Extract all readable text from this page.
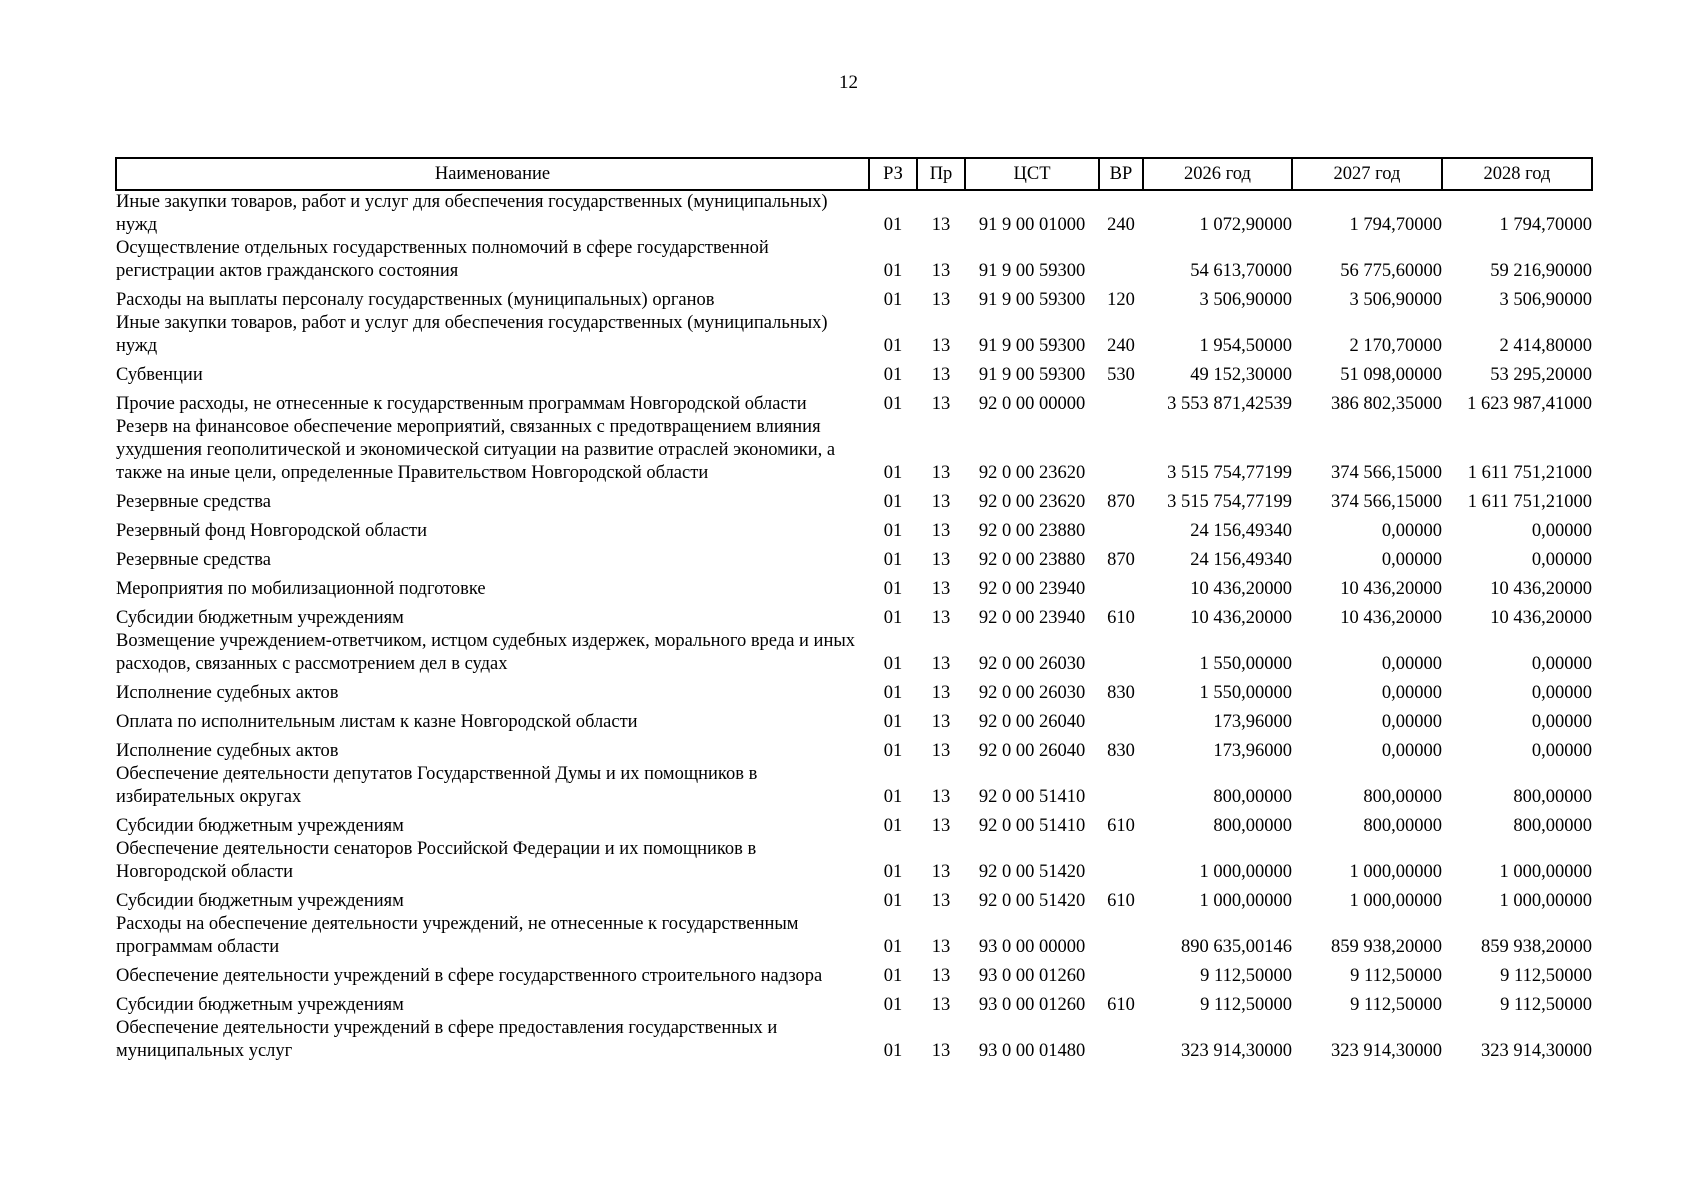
12
Наименование	РЗ	Пр	ЦСТ	ВР	2026 год	2027 год	2028 год
Иные закупки товаров, работ и услуг для обеспечения государственных (муниципальных) нужд	01	13	91 9 00 01000	240	1 072,90000	1 794,70000	1 794,70000
Осуществление отдельных государственных полномочий в сфере государственной регистрации актов гражданского состояния	01	13	91 9 00 59300		54 613,70000	56 775,60000	59 216,90000
Расходы на выплаты персоналу государственных (муниципальных) органов	01	13	91 9 00 59300	120	3 506,90000	3 506,90000	3 506,90000
Иные закупки товаров, работ и услуг для обеспечения государственных (муниципальных) нужд	01	13	91 9 00 59300	240	1 954,50000	2 170,70000	2 414,80000
Субвенции	01	13	91 9 00 59300	530	49 152,30000	51 098,00000	53 295,20000
Прочие расходы, не отнесенные к государственным программам Новгородской области	01	13	92 0 00 00000		3 553 871,42539	386 802,35000	1 623 987,41000
Резерв на финансовое обеспечение мероприятий, связанных с предотвращением влияния ухудшения геополитической и экономической ситуации на развитие отраслей экономики, а также на иные цели, определенные Правительством Новгородской области	01	13	92 0 00 23620		3 515 754,77199	374 566,15000	1 611 751,21000
Резервные средства	01	13	92 0 00 23620	870	3 515 754,77199	374 566,15000	1 611 751,21000
Резервный фонд Новгородской области	01	13	92 0 00 23880		24 156,49340	0,00000	0,00000
Резервные средства	01	13	92 0 00 23880	870	24 156,49340	0,00000	0,00000
Мероприятия по мобилизационной подготовке	01	13	92 0 00 23940		10 436,20000	10 436,20000	10 436,20000
Субсидии бюджетным учреждениям	01	13	92 0 00 23940	610	10 436,20000	10 436,20000	10 436,20000
Возмещение учреждением-ответчиком, истцом судебных издержек, морального вреда и иных расходов, связанных с рассмотрением дел в судах	01	13	92 0 00 26030		1 550,00000	0,00000	0,00000
Исполнение судебных актов	01	13	92 0 00 26030	830	1 550,00000	0,00000	0,00000
Оплата по исполнительным листам к казне Новгородской области	01	13	92 0 00 26040		173,96000	0,00000	0,00000
Исполнение судебных актов	01	13	92 0 00 26040	830	173,96000	0,00000	0,00000
Обеспечение деятельности депутатов Государственной Думы и их помощников в избирательных округах	01	13	92 0 00 51410		800,00000	800,00000	800,00000
Субсидии бюджетным учреждениям	01	13	92 0 00 51410	610	800,00000	800,00000	800,00000
Обеспечение деятельности сенаторов Российской Федерации и их помощников в Новгородской области	01	13	92 0 00 51420		1 000,00000	1 000,00000	1 000,00000
Субсидии бюджетным учреждениям	01	13	92 0 00 51420	610	1 000,00000	1 000,00000	1 000,00000
Расходы на обеспечение деятельности учреждений, не отнесенные к государственным программам области	01	13	93 0 00 00000		890 635,00146	859 938,20000	859 938,20000
Обеспечение деятельности учреждений в сфере государственного строительного надзора	01	13	93 0 00 01260		9 112,50000	9 112,50000	9 112,50000
Субсидии бюджетным учреждениям	01	13	93 0 00 01260	610	9 112,50000	9 112,50000	9 112,50000
Обеспечение деятельности учреждений в сфере предоставления государственных и муниципальных услуг	01	13	93 0 00 01480		323 914,30000	323 914,30000	323 914,30000
